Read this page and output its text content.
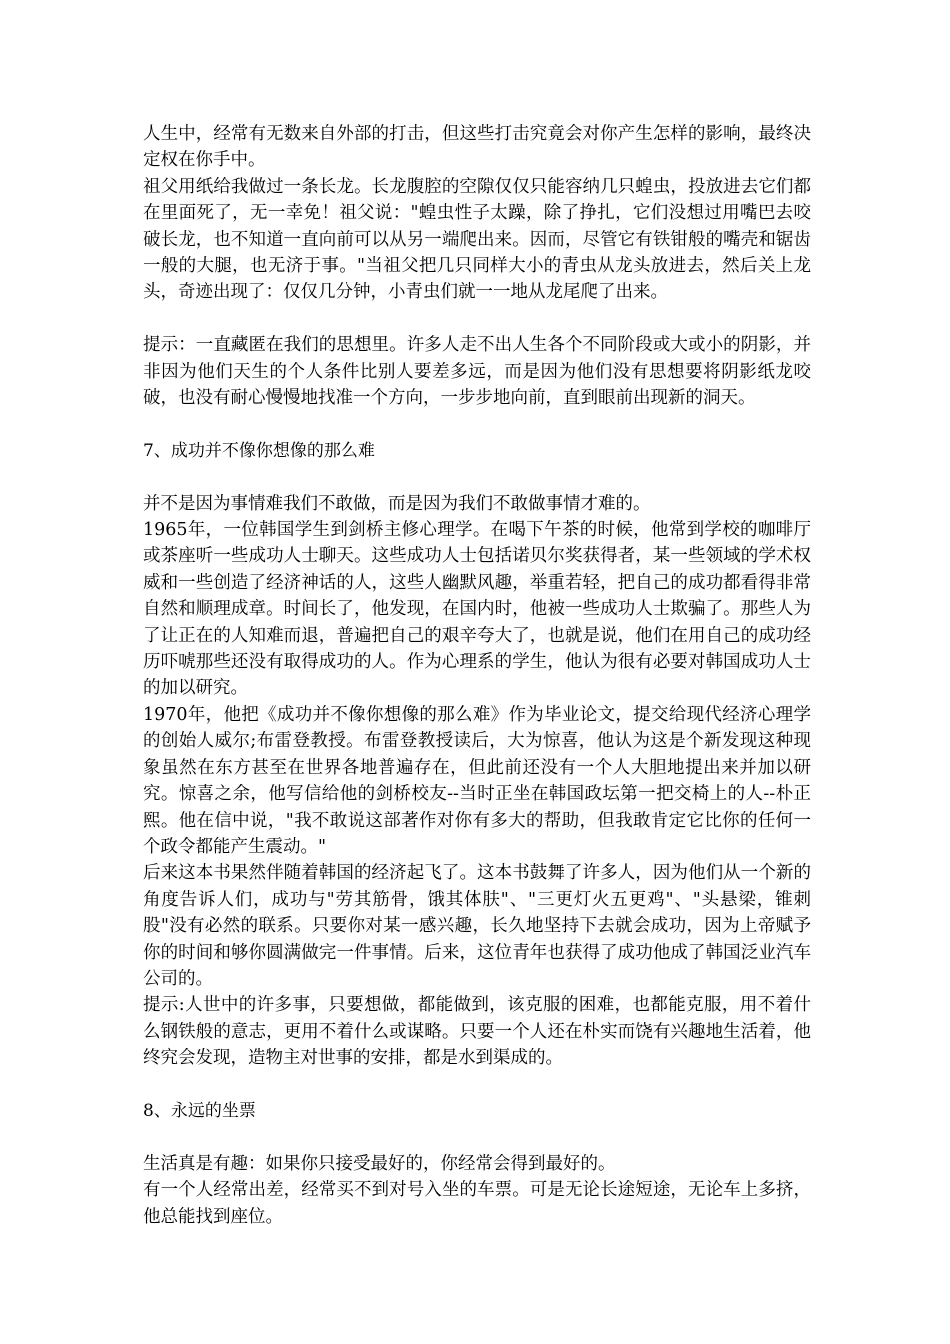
人生中，经常有无数来自外部的打击，但这些打击究竟会对你产生怎样的影响，最终决定权在你手中。

祖父用纸给我做过一条长龙。长龙腹腔的空隙仅仅只能容纳几只蝗虫，投放进去它们都在里面死了，无一幸免！祖父说："蝗虫性子太躁，除了挣扎，它们没想过用嘴巴去咬破长龙，也不知道一直向前可以从另一端爬出来。因而，尽管它有铁钳般的嘴壳和锯齿一般的大腿，也无济于事。"当祖父把几只同样大小的青虫从龙头放进去，然后关上龙头，奇迹出现了：仅仅几分钟，小青虫们就一一地从龙尾爬了出来。

提示：一直藏匿在我们的思想里。许多人走不出人生各个不同阶段或大或小的阴影，并非因为他们天生的个人条件比别人要差多远，而是因为他们没有思想要将阴影纸龙咬破，也没有耐心慢慢地找准一个方向，一步步地向前，直到眼前出现新的洞天。

7、成功并不像你想像的那么难

并不是因为事情难我们不敢做，而是因为我们不敢做事情才难的。

1965年，一位韩国学生到剑桥主修心理学。在喝下午茶的时候，他常到学校的咖啡厅或茶座听一些成功人士聊天。这些成功人士包括诺贝尔奖获得者，某一些领域的学术权威和一些创造了经济神话的人，这些人幽默风趣，举重若轻，把自己的成功都看得非常自然和顺理成章。时间长了，他发现，在国内时，他被一些成功人士欺骗了。那些人为了让正在的人知难而退，普遍把自己的艰辛夸大了，也就是说，他们在用自己的成功经历吓唬那些还没有取得成功的人。作为心理系的学生，他认为很有必要对韩国成功人士的加以研究。

1970年，他把《成功并不像你想像的那么难》作为毕业论文，提交给现代经济心理学的创始人威尔;布雷登教授。布雷登教授读后，大为惊喜，他认为这是个新发现这种现象虽然在东方甚至在世界各地普遍存在，但此前还没有一个人大胆地提出来并加以研究。惊喜之余，他写信给他的剑桥校友--当时正坐在韩国政坛第一把交椅上的人--朴正熙。他在信中说，"我不敢说这部著作对你有多大的帮助，但我敢肯定它比你的任何一个政令都能产生震动。"

后来这本书果然伴随着韩国的经济起飞了。这本书鼓舞了许多人，因为他们从一个新的角度告诉人们，成功与"劳其筋骨，饿其体肤"、"三更灯火五更鸡"、"头悬梁，锥刺股"没有必然的联系。只要你对某一感兴趣，长久地坚持下去就会成功，因为上帝赋予你的时间和够你圆满做完一件事情。后来，这位青年也获得了成功他成了韩国泛业汽车公司的。

提示:人世中的许多事，只要想做，都能做到，该克服的困难，也都能克服，用不着什么钢铁般的意志，更用不着什么或谋略。只要一个人还在朴实而饶有兴趣地生活着，他终究会发现，造物主对世事的安排，都是水到渠成的。

8、永远的坐票

生活真是有趣：如果你只接受最好的，你经常会得到最好的。

有一个人经常出差，经常买不到对号入坐的车票。可是无论长途短途，无论车上多挤，他总能找到座位。
